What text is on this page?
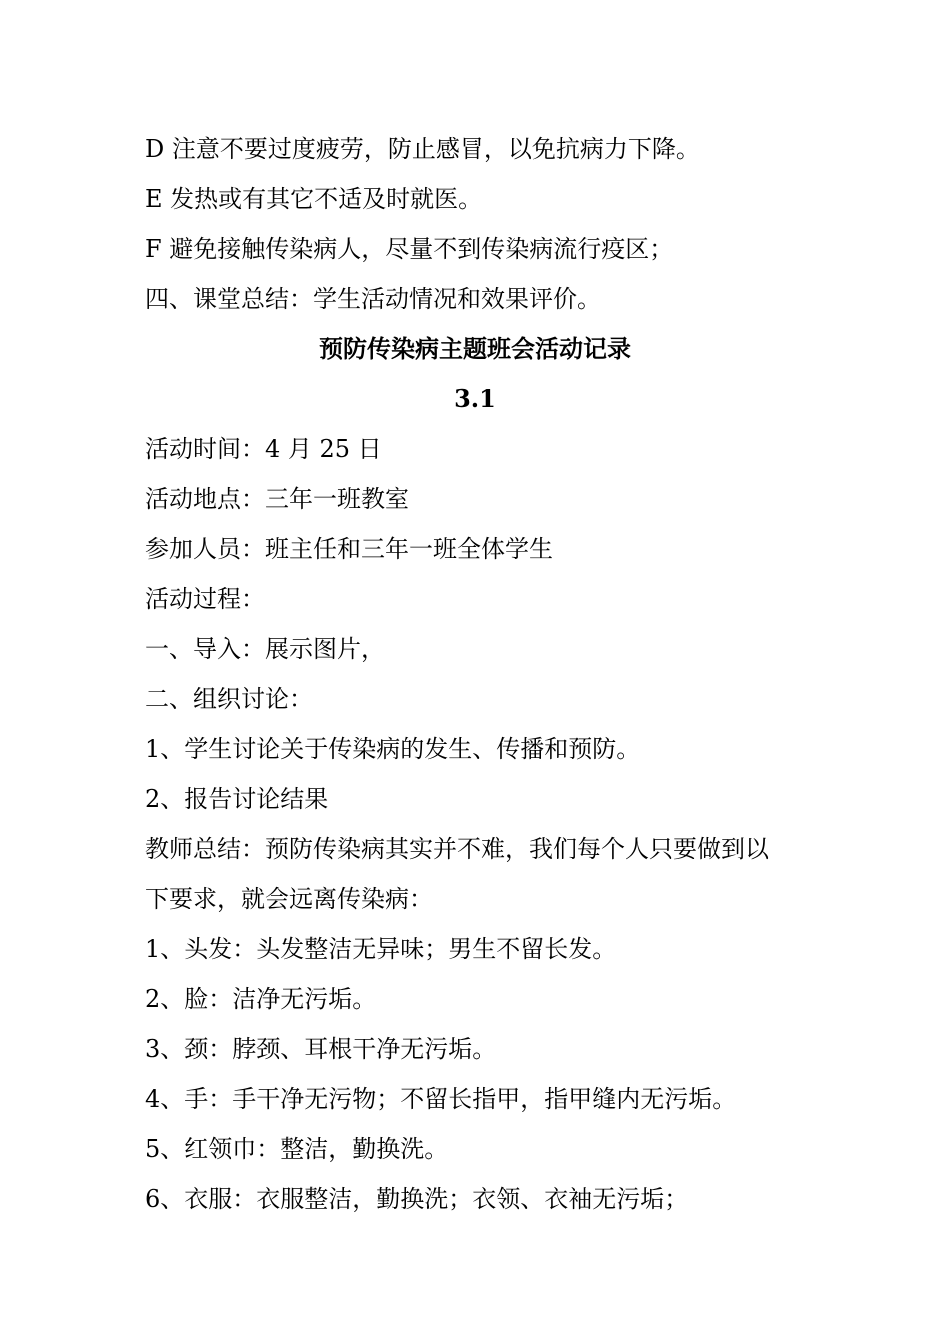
D 注意不要过度疲劳，防止感冒，以免抗病力下降。
E 发热或有其它不适及时就医。
F 避免接触传染病人，尽量不到传染病流行疫区；
四、课堂总结：学生活动情况和效果评价。
预防传染病主题班会活动记录
3.1
活动时间：4 月 25 日
活动地点：三年一班教室
参加人员：班主任和三年一班全体学生
活动过程：
一、导入：展示图片，
二、组织讨论：
1、学生讨论关于传染病的发生、传播和预防。
2、报告讨论结果
教师总结：预防传染病其实并不难，我们每个人只要做到以
下要求，就会远离传染病：
1、头发：头发整洁无异味；男生不留长发。
2、脸：洁净无污垢。
3、颈：脖颈、耳根干净无污垢。
4、手：手干净无污物；不留长指甲，指甲缝内无污垢。
5、红领巾：整洁，勤换洗。
6、衣服：衣服整洁，勤换洗；衣领、衣袖无污垢；
